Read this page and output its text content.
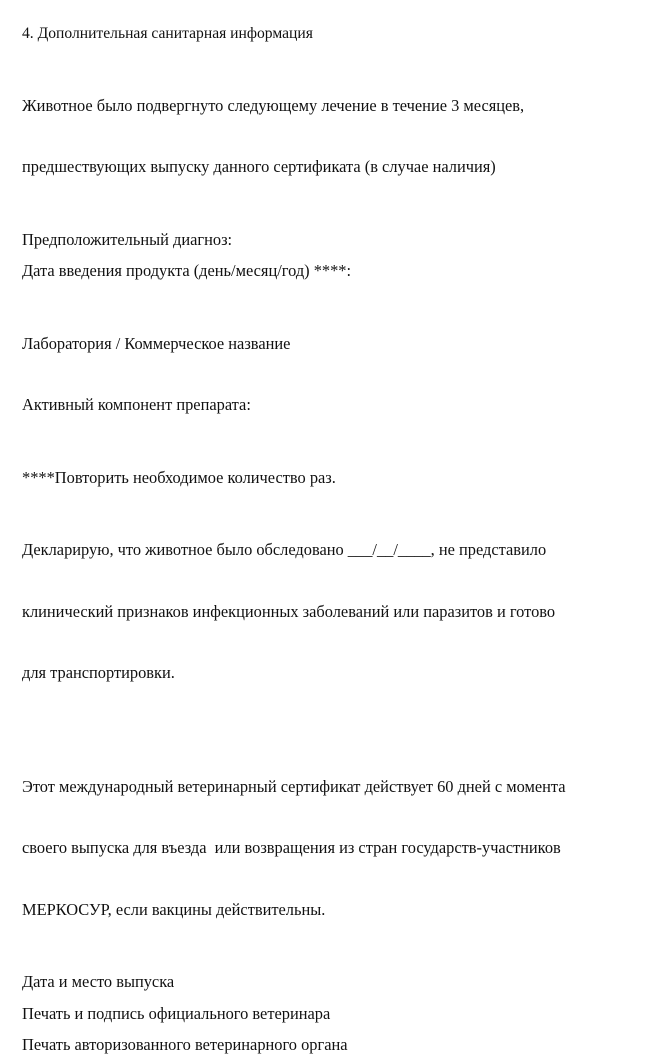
4. Дополнительная санитарная информация

Животное было подвергнуто следующему лечение в течение 3 месяцев,

предшествующих выпуску данного сертификата (в случае наличия)

Предположительный диагноз:

Дата введения продукта (день/месяц/год) ****:

Лаборатория / Коммерческое название

Активный компонент препарата:

****Повторить необходимое количество раз.

Декларирую, что животное было обследовано ___/__/____, не представило

клинический признаков инфекционных заболеваний или паразитов и готово

для транспортировки.

Этот международный ветеринарный сертификат действует 60 дней с момента

своего выпуска для въезда  или возвращения из стран государств-участников

МЕРКОСУР, если вакцины действительны.

Дата и место выпуска

Печать и подпись официального ветеринара

Печать авторизованного ветеринарного органа
